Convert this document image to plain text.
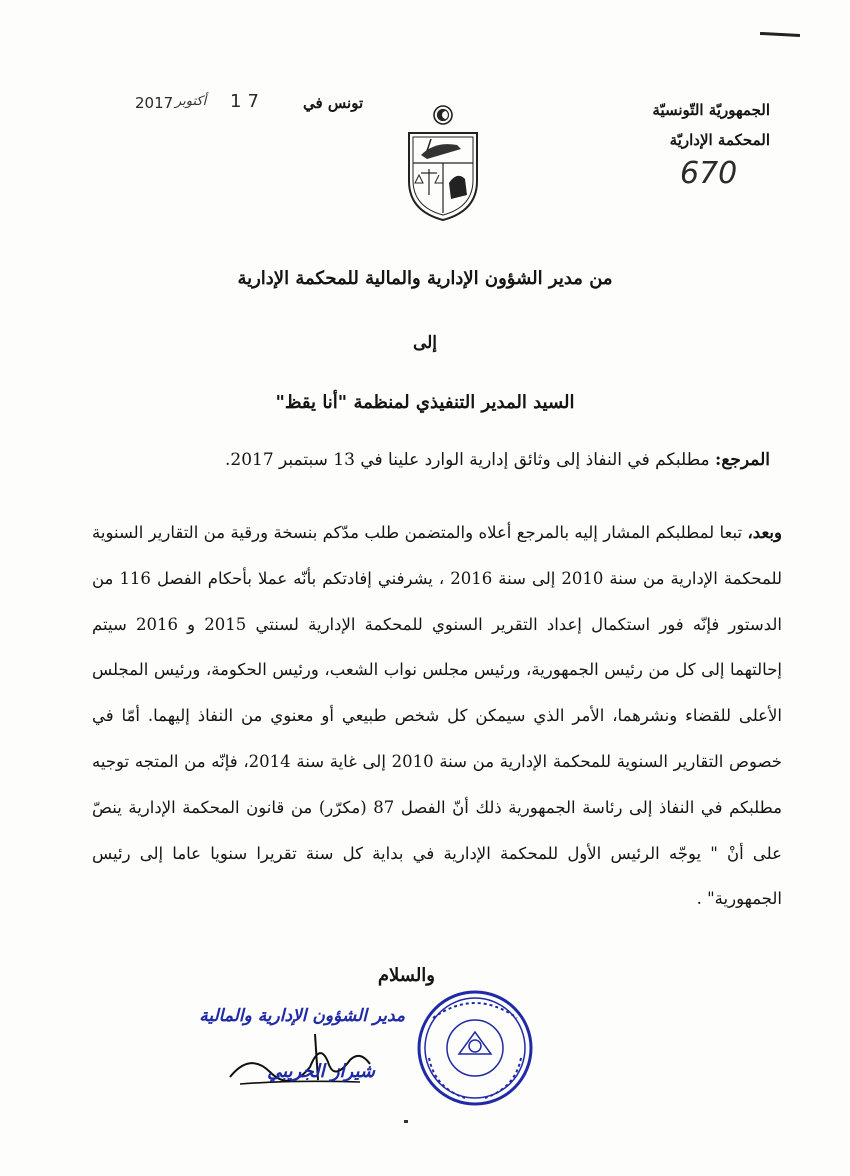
الجمهوريّة التّونسيّة
المحكمة الإداريّة
670
2017 أكتوبر 17	تونس في
من مدير الشؤون الإدارية والمالية للمحكمة الإدارية
إلى
السيد المدير التنفيذي لمنظمة "أنا يقظ"
المرجع: مطلبكم في النفاذ إلى وثائق إدارية الوارد علينا في 13 سبتمبر 2017.
وبعد، تبعا لمطلبكم المشار إليه بالمرجع أعلاه والمتضمن طلب مدّكم بنسخة ورقية من التقارير السنوية للمحكمة الإدارية من سنة 2010 إلى سنة 2016 ، يشرفني إفادتكم بأنّه عملا بأحكام الفصل 116 من الدستور فإنّه فور استكمال إعداد التقرير السنوي للمحكمة الإدارية لسنتي 2015 و 2016 سيتم إحالتهما إلى كل من رئيس الجمهورية، ورئيس مجلس نواب الشعب، ورئيس الحكومة، ورئيس المجلس الأعلى للقضاء ونشرهما، الأمر الذي سيمكن كل شخص طبيعي أو معنوي من النفاذ إليهما. أمّا في خصوص التقارير السنوية للمحكمة الإدارية من سنة 2010 إلى غاية سنة 2014، فإنّه من المتجه توجيه مطلبكم في النفاذ إلى رئاسة الجمهورية ذلك أنّ الفصل 87 (مكرّر) من قانون المحكمة الإدارية ينصّ على أنْ " يوجّه الرئيس الأول للمحكمة الإدارية في بداية كل سنة تقريرا سنويا عاما إلى رئيس الجمهورية" .
والسلام
مدير الشؤون الإدارية والمالية
شيراز الجريبي
